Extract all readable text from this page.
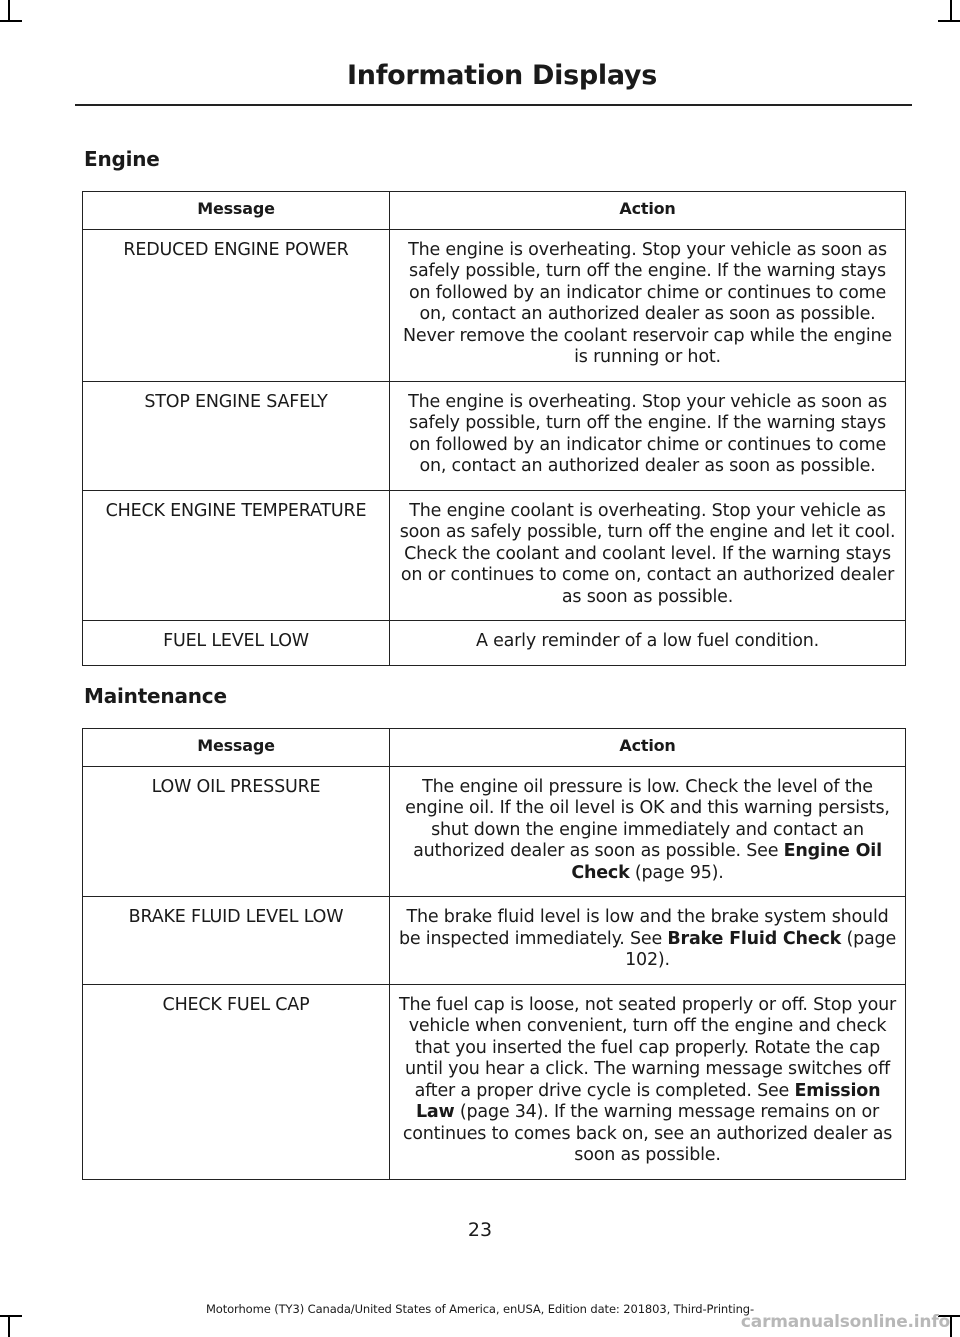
Information Displays
Engine
Message	Action
REDUCED ENGINE POWER	The engine is overheating. Stop your vehicle as soon as safely possible, turn off the engine. If the warning stays on followed by an indicator chime or continues to come on, contact an authorized dealer as soon as possible. Never remove the coolant reservoir cap while the engine is running or hot.
STOP ENGINE SAFELY	The engine is overheating. Stop your vehicle as soon as safely possible, turn off the engine. If the warning stays on followed by an indicator chime or continues to come on, contact an authorized dealer as soon as possible.
CHECK ENGINE TEMPERATURE	The engine coolant is overheating. Stop your vehicle as soon as safely possible, turn off the engine and let it cool. Check the coolant and coolant level. If the warning stays on or continues to come on, contact an authorized dealer as soon as possible.
FUEL LEVEL LOW	A early reminder of a low fuel condition.
Maintenance
Message	Action
LOW OIL PRESSURE	The engine oil pressure is low. Check the level of the engine oil. If the oil level is OK and this warning persists, shut down the engine immediately and contact an authorized dealer as soon as possible. See Engine Oil Check (page 95).
BRAKE FLUID LEVEL LOW	The brake fluid level is low and the brake system should be inspected immediately. See Brake Fluid Check (page 102).
CHECK FUEL CAP	The fuel cap is loose, not seated properly or off. Stop your vehicle when convenient, turn off the engine and check that you inserted the fuel cap properly. Rotate the cap until you hear a click. The warning message switches off after a proper drive cycle is completed. See Emission Law (page 34). If the warning message remains on or continues to comes back on, see an authorized dealer as soon as possible.
23
Motorhome (TY3) Canada/United States of America, enUSA, Edition date: 201803, Third-Printing-
carmanualsonline.info
